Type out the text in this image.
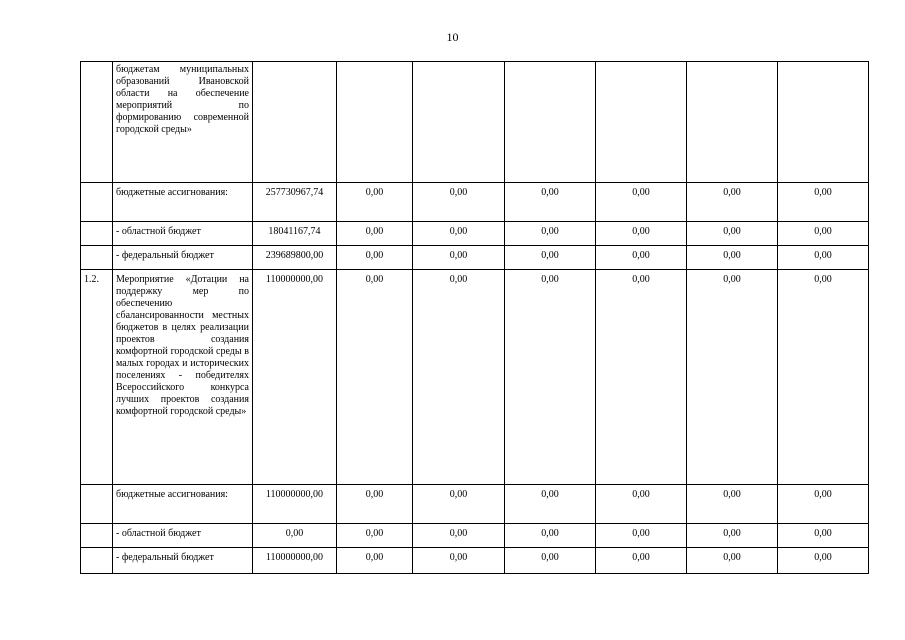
10
	бюджетам муниципальных образований Ивановской области на обеспечение мероприятий по формированию современной городской среды»							
	бюджетные ассигнования:	257730967,74	0,00	0,00	0,00	0,00	0,00	0,00
	- областной бюджет	18041167,74	0,00	0,00	0,00	0,00	0,00	0,00
	- федеральный бюджет	239689800,00	0,00	0,00	0,00	0,00	0,00	0,00
1.2.	Мероприятие «Дотации на поддержку мер по обеспечению сбалансированности местных бюджетов в целях реализации проектов создания комфортной городской среды в малых городах и исторических поселениях - победителях Всероссийского конкурса лучших проектов создания комфортной городской среды»	110000000,00	0,00	0,00	0,00	0,00	0,00	0,00
	бюджетные ассигнования:	110000000,00	0,00	0,00	0,00	0,00	0,00	0,00
	- областной бюджет	0,00	0,00	0,00	0,00	0,00	0,00	0,00
	- федеральный бюджет	110000000,00	0,00	0,00	0,00	0,00	0,00	0,00
